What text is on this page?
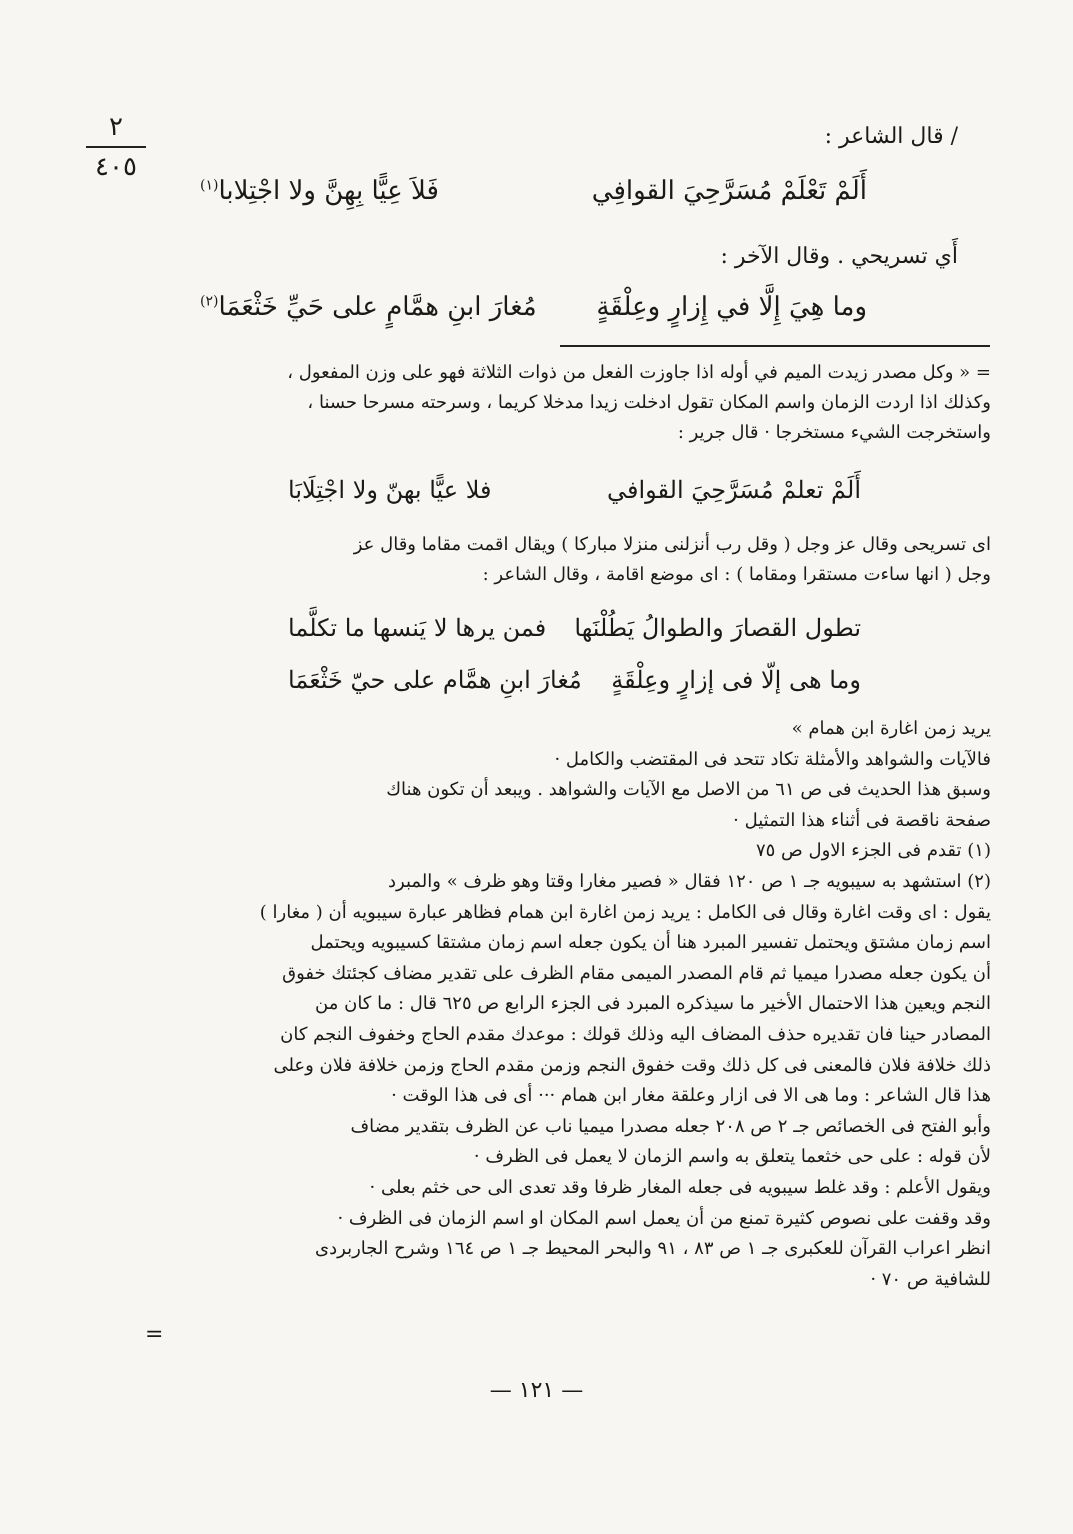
٢
٤٠٥
/ قال الشاعر :
أَلَمْ تَعْلَمْ مُسَرَّحِيَ القوافِي
فَلاَ عِيًّا بِهِنَّ ولا اجْتِلابا$^{(١)}$
أَي تسريحي . وقال الآخر :
وما هِيَ إِلَّا في إِزارٍ وعِلْقَةٍ
مُغارَ ابنِ همَّامٍ على حَيِّ خَثْعَمَا$^{(٢)}$
= « وكل مصدر زيدت الميم في أوله اذا جاوزت الفعل من ذوات الثلاثة فهو على وزن المفعول ،
وكذلك اذا اردت الزمان واسم المكان تقول ادخلت زيدا مدخلا كريما ، وسرحته مسرحا حسنا ،
واستخرجت الشيء مستخرجا · قال جرير :
أَلَمْ تعلمْ مُسَرَّحِيَ القوافي
فلا عيًّا بهنّ ولا اجْتِلَابَا
اى تسريحى وقال عز وجل ( وقل رب أنزلنى منزلا مباركا ) ويقال اقمت مقاما وقال عز
وجل ( انها ساءت مستقرا ومقاما ) : اى موضع اقامة ، وقال الشاعر :
تطول القصارَ والطوالُ يَطُلْنَها
فمن يرها لا يَنسها ما تكلَّما
وما هى إلّا فى إزارٍ وعِلْقَةٍ
مُغارَ ابنِ همَّام على حيّ خَثْعَمَا
يريد زمن اغارة ابن همام »
فالآيات والشواهد والأمثلة تكاد تتحد فى المقتضب والكامل ·
وسبق هذا الحديث فى ص ٦١ من الاصل مع الآيات والشواهد . ويبعد أن تكون هناك
صفحة ناقصة فى أثناء هذا التمثيل ·
(١) تقدم فى الجزء الاول ص ٧٥
(٢) استشهد به سيبويه جـ ١ ص ١٢٠ فقال « فصير مغارا وقتا وهو ظرف » والمبرد
يقول : اى وقت اغارة وقال فى الكامل : يريد زمن اغارة ابن همام فظاهر عبارة سيبويه أن ( مغارا )
اسم زمان مشتق ويحتمل تفسير المبرد هنا أن يكون جعله اسم زمان مشتقا كسيبويه ويحتمل
أن يكون جعله مصدرا ميميا ثم قام المصدر الميمى مقام الظرف على تقدير مضاف كجئتك خفوق
النجم ويعين هذا الاحتمال الأخير ما سيذكره المبرد فى الجزء الرابع ص ٦٢٥ قال : ما كان من
المصادر حينا فان تقديره حذف المضاف اليه وذلك قولك : موعدك مقدم الحاج وخفوف النجم كان
ذلك خلافة فلان فالمعنى فى كل ذلك وقت خفوق النجم وزمن مقدم الحاج وزمن خلافة فلان وعلى
هذا قال الشاعر : وما هى الا فى ازار وعلقة مغار ابن همام ··· أى فى هذا الوقت ·
وأبو الفتح فى الخصائص جـ ٢ ص ٢٠٨ جعله مصدرا ميميا ناب عن الظرف بتقدير مضاف
لأن قوله : على حى خثعما يتعلق به واسم الزمان لا يعمل فى الظرف ·
ويقول الأعلم : وقد غلط سيبويه فى جعله المغار ظرفا وقد تعدى الى حى خثم بعلى ·
وقد وقفت على نصوص كثيرة تمنع من أن يعمل اسم المكان او اسم الزمان فى الظرف ·
انظر اعراب القرآن للعكبرى جـ ١ ص ٨٣ ، ٩١ والبحر المحيط جـ ١ ص ١٦٤ وشرح الجاربردى
للشافية ص ٧٠ ·
=
— ١٢١ —
